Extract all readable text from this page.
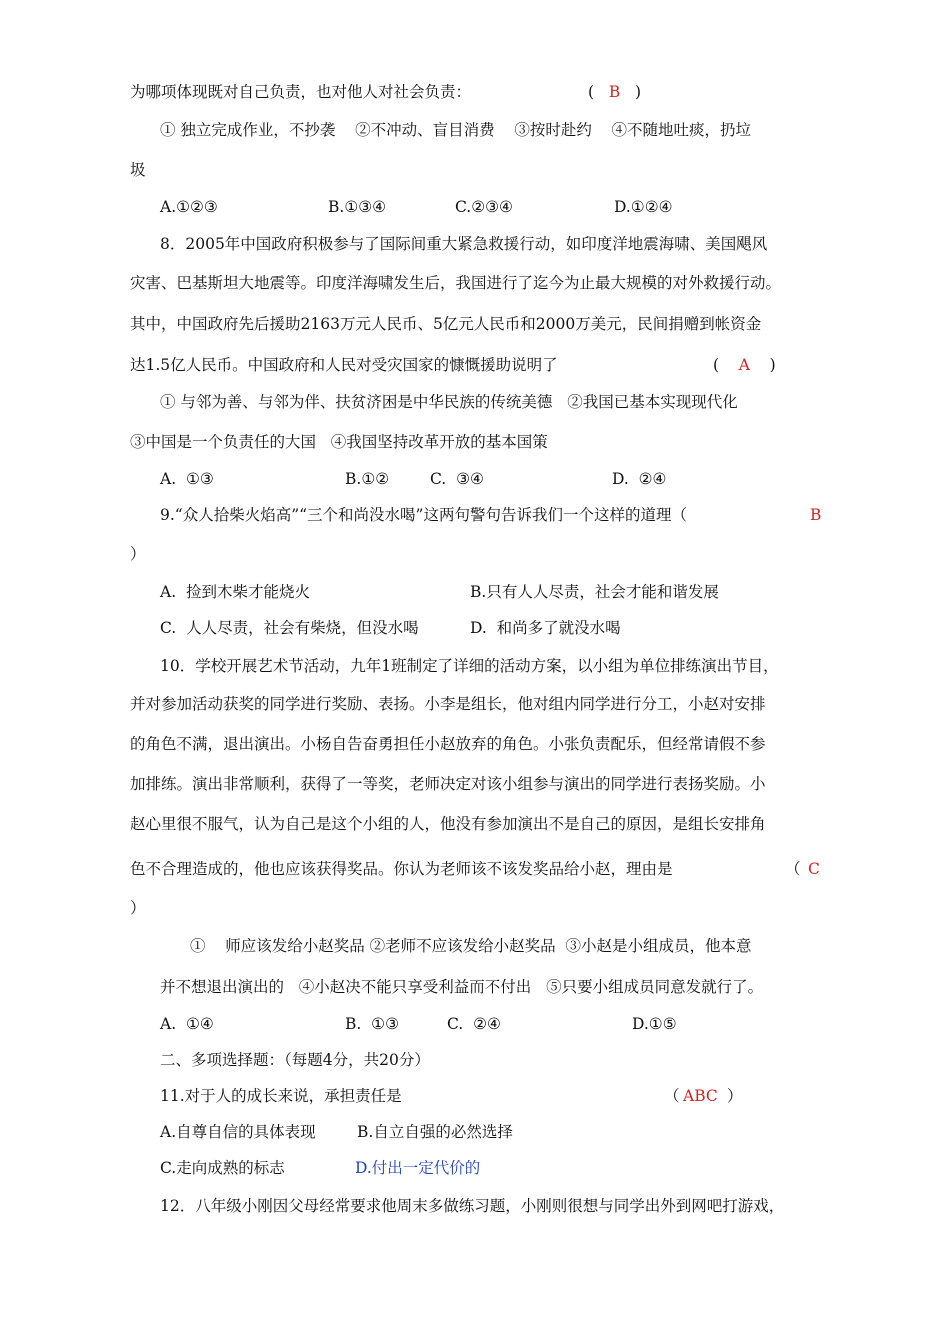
为哪项体现既对自己负责，也对他人对社会负责：	(   B   )
① 独立完成作业，不抄袭    ②不冲动、盲目消费    ③按时赴约    ④不随地吐痰，扔垃
圾
A.①②③	B.①③④	C.②③④	D.①②④
8．2005年中国政府积极参与了国际间重大紧急救援行动，如印度洋地震海啸、美国飓风
灾害、巴基斯坦大地震等。印度洋海啸发生后，我国进行了迄今为止最大规模的对外救援行动。
其中，中国政府先后援助2163万元人民币、5亿元人民币和2000万美元，民间捐赠到帐资金
达1.5亿人民币。中国政府和人民对受灾国家的慷慨援助说明了	(    A    )
① 与邻为善、与邻为伴、扶贫济困是中华民族的传统美德   ②我国已基本实现现代化
③中国是一个负责任的大国   ④我国坚持改革开放的基本国策
A.  ①③	B.①②	C.  ③④	D.  ②④
9.“众人拾柴火焰高”“三个和尚没水喝”这两句警句告诉我们一个这样的道理（	B
）
A.  捡到木柴才能烧火	B.只有人人尽责，社会才能和谐发展
C.  人人尽责，社会有柴烧，但没水喝	D.  和尚多了就没水喝
10．学校开展艺术节活动，九年1班制定了详细的活动方案，以小组为单位排练演出节目，
并对参加活动获奖的同学进行奖励、表扬。小李是组长，他对组内同学进行分工，小赵对安排
的角色不满，退出演出。小杨自告奋勇担任小赵放弃的角色。小张负责配乐，但经常请假不参
加排练。演出非常顺利，获得了一等奖，老师决定对该小组参与演出的同学进行表扬奖励。小
赵心里很不服气，认为自己是这个小组的人，他没有参加演出不是自己的原因，是组长安排角
色不合理造成的，他也应该获得奖品。你认为老师该不该发奖品给小赵，理由是	（ C
）
①    师应该发给小赵奖品 ②老师不应该发给小赵奖品  ③小赵是小组成员，他本意
并不想退出演出的   ④小赵决不能只享受利益而不付出   ⑤只要小组成员同意发就行了。
A.  ①④	B.  ①③	C.  ②④	D.①⑤
二、多项选择题：（每题4分，共20分）
11.对于人的成长来说，承担责任是	（ ABC ）
A.自尊自信的具体表现	B.自立自强的必然选择
C.走向成熟的标志	D.付出一定代价的
12．八年级小刚因父母经常要求他周末多做练习题，小刚则很想与同学出外到网吧打游戏，
